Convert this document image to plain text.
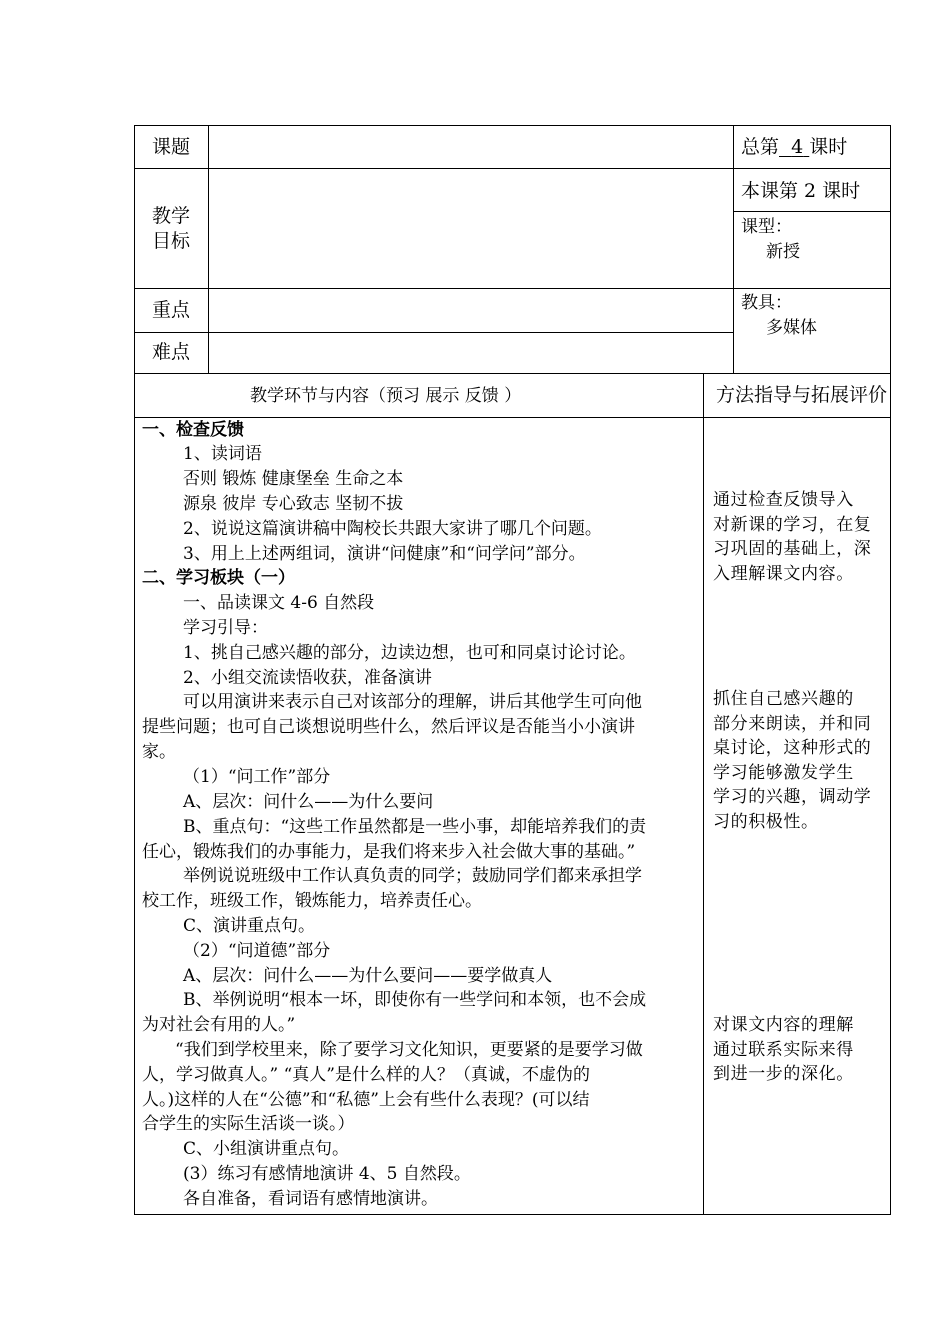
课题	总第 4 课时
教学
目标
本课第 2 课时
课型：
新授
重点
难点
教具：
多媒体
教学环节与内容（预习 展示 反馈 ）	方法指导与拓展评价
一、检查反馈
1、读词语
否则 锻炼 健康堡垒 生命之本
源泉 彼岸 专心致志 坚韧不拔
2、说说这篇演讲稿中陶校长共跟大家讲了哪几个问题。
3、用上上述两组词，演讲“问健康”和“问学问”部分。
二、学习板块（一）
一、品读课文 4-6 自然段
学习引导：
1、挑自己感兴趣的部分，边读边想，也可和同桌讨论讨论。
2、小组交流读悟收获，准备演讲
可以用演讲来表示自己对该部分的理解，讲后其他学生可向他
提些问题；也可自己谈想说明些什么，然后评议是否能当小小演讲
家。
（1）“问工作”部分
A、层次：问什么——为什么要问
B、重点句：“这些工作虽然都是一些小事，却能培养我们的责
任心，锻炼我们的办事能力，是我们将来步入社会做大事的基础。”
举例说说班级中工作认真负责的同学；鼓励同学们都来承担学
校工作，班级工作，锻炼能力，培养责任心。
C、演讲重点句。
（2）“问道德”部分
A、层次：问什么——为什么要问——要学做真人
B、举例说明“根本一坏，即使你有一些学问和本领，也不会成
为对社会有用的人。”
“我们到学校里来，除了要学习文化知识，更要紧的是要学习做
人，学习做真人。” “真人”是什么样的人？（真诚，不虚伪的
人。)这样的人在“公德”和“私德”上会有些什么表现？(可以结
合学生的实际生活谈一谈。）
C、小组演讲重点句。
(3）练习有感情地演讲 4、5 自然段。
各自准备，看词语有感情地演讲。
通过检查反馈导入
对新课的学习，在复
习巩固的基础上，深
入理解课文内容。
抓住自己感兴趣的
部分来朗读，并和同
桌讨论，这种形式的
学习能够激发学生
学习的兴趣，调动学
习的积极性。
对课文内容的理解
通过联系实际来得
到进一步的深化。
